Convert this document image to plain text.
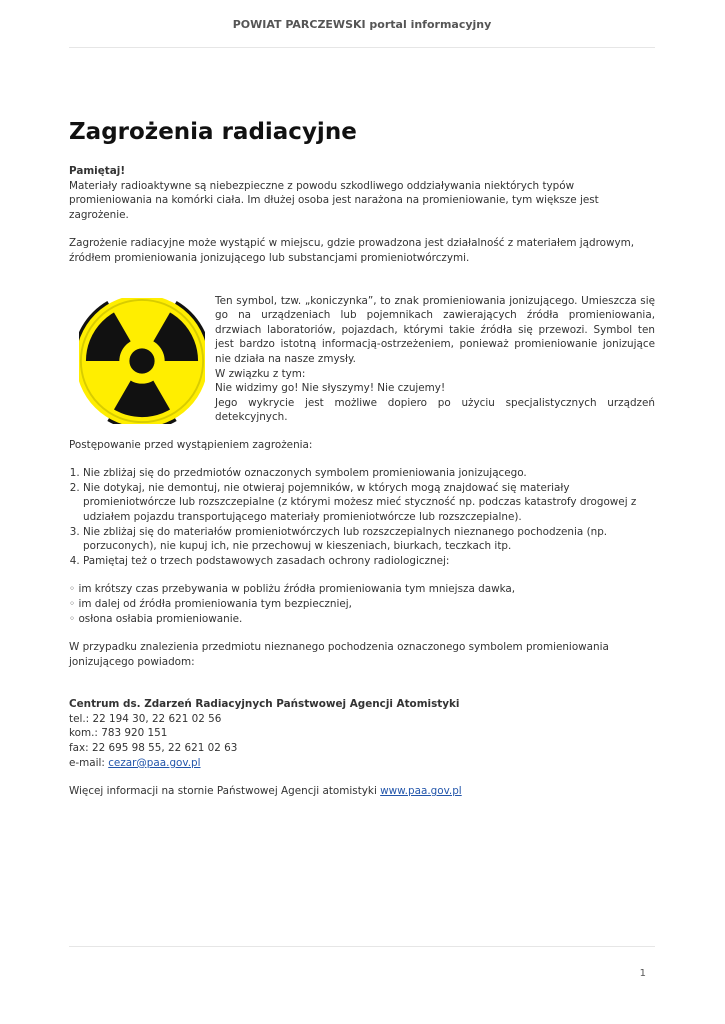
POWIAT PARCZEWSKI portal informacyjny
Zagrożenia radiacyjne

Pamiętaj!

Materiały radioaktywne są niebezpieczne z powodu szkodliwego oddziaływania niektórych typów promieniowania na komórki ciała. Im dłużej osoba jest narażona na promieniowanie, tym większe jest zagrożenie.

Zagrożenie radiacyjne może wystąpić w miejscu, gdzie prowadzona jest działalność z materiałem jądrowym, źródłem promieniowania jonizującego lub substancjami promieniotwórczymi.

Ten symbol, tzw. „koniczynka”, to znak promieniowania jonizującego. Umieszcza się go na urządzeniach lub pojemnikach zawierających źródła promieniowania, drzwiach laboratoriów, pojazdach, którymi takie źródła się przewozi. Symbol ten jest bardzo istotną informacją-ostrzeżeniem, ponieważ promieniowanie jonizujące nie działa na nasze zmysły.

W związku z tym:

Nie widzimy go! Nie słyszymy! Nie czujemy!

Jego wykrycie jest możliwe dopiero po użyciu specjalistycznych urządzeń detekcyjnych.

Postępowanie przed wystąpieniem zagrożenia:

1. Nie zbliżaj się do przedmiotów oznaczonych symbolem promieniowania jonizującego.
2. Nie dotykaj, nie demontuj, nie otwieraj pojemników, w których mogą znajdować się materiały promieniotwórcze lub rozszczepialne (z którymi możesz mieć styczność np. podczas katastrofy drogowej z udziałem pojazdu transportującego materiały promieniotwórcze lub rozszczepialne).
3. Nie zbliżaj się do materiałów promieniotwórczych lub rozszczepialnych nieznanego pochodzenia (np. porzuconych), nie kupuj ich, nie przechowuj w kieszeniach, biurkach, teczkach itp.
4. Pamiętaj też o trzech podstawowych zasadach ochrony radiologicznej:
◦ im krótszy czas przebywania w pobliżu źródła promieniowania tym mniejsza dawka,
◦ im dalej od źródła promieniowania tym bezpieczniej,
◦ osłona osłabia promieniowanie.

W przypadku znalezienia przedmiotu nieznanego pochodzenia oznaczonego symbolem promieniowania jonizującego powiadom:

Centrum ds. Zdarzeń Radiacyjnych Państwowej Agencji Atomistyki

tel.: 22 194 30, 22 621 02 56

kom.: 783 920 151

fax: 22 695 98 55, 22 621 02 63

e-mail: cezar@paa.gov.pl

Więcej informacji na stornie Państwowej Agencji atomistyki www.paa.gov.pl

1
